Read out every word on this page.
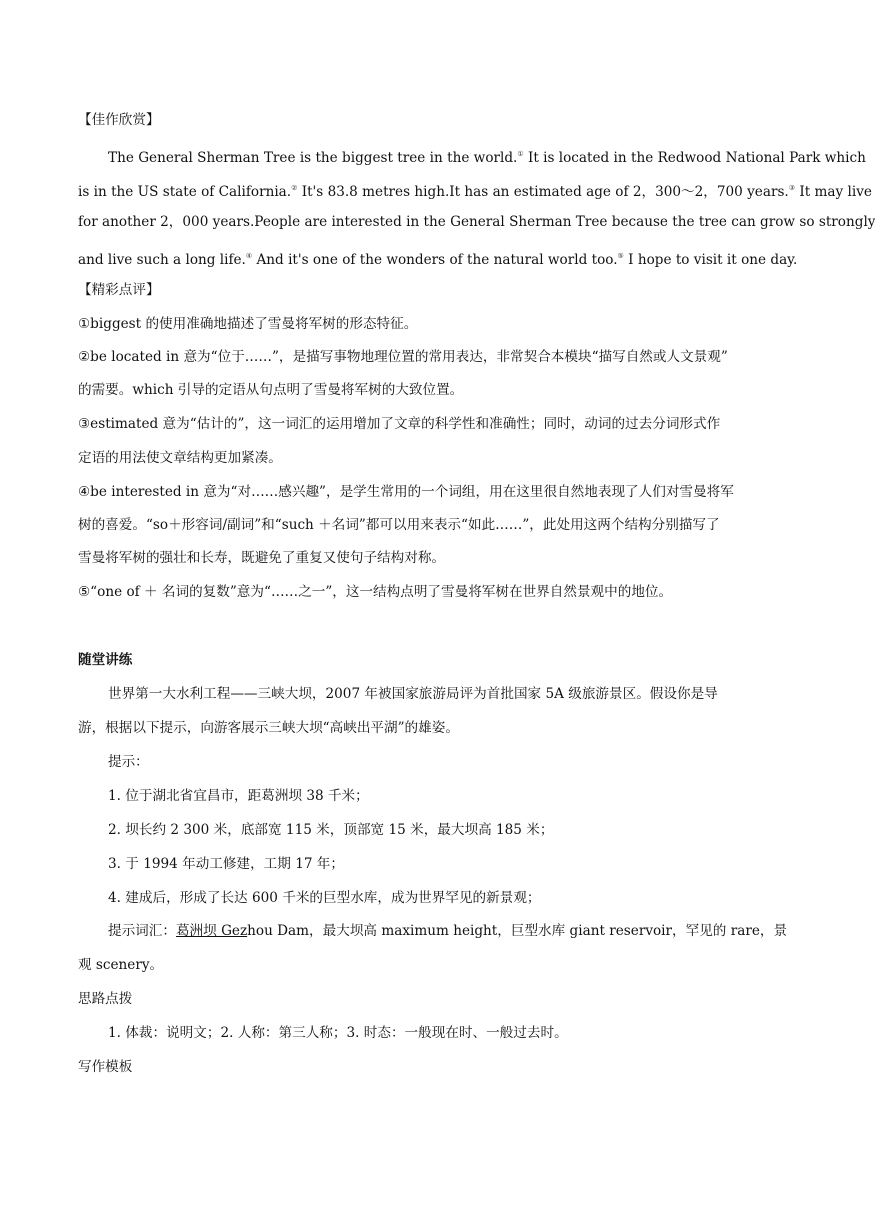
【佳作欣赏】
The General Sherman Tree is the biggest tree in the world.① It is located in the Redwood National Park which
is in the US state of California.② It's 83.8 metres high.It has an estimated age of 2，300～2，700 years.③ It may live
for another 2，000 years.People are interested in the General Sherman Tree because the tree can grow so strongly
and live such a long life.④ And it's one of the wonders of the natural world too.⑤ I hope to visit it one day.
【精彩点评】
①biggest 的使用准确地描述了雪曼将军树的形态特征。
②be located in 意为“位于……”，是描写事物地理位置的常用表达，非常契合本模块“描写自然或人文景观”
的需要。which 引导的定语从句点明了雪曼将军树的大致位置。
③estimated 意为“估计的”，这一词汇的运用增加了文章的科学性和准确性；同时，动词的过去分词形式作
定语的用法使文章结构更加紧凑。
④be interested in 意为“对……感兴趣”，是学生常用的一个词组，用在这里很自然地表现了人们对雪曼将军
树的喜爱。“so＋形容词/副词”和“such ＋名词”都可以用来表示“如此……”，此处用这两个结构分别描写了
雪曼将军树的强壮和长寿，既避免了重复又使句子结构对称。
⑤“one of ＋ 名词的复数”意为“……之一”，这一结构点明了雪曼将军树在世界自然景观中的地位。
随堂讲练
世界第一大水利工程——三峡大坝，2007 年被国家旅游局评为首批国家 5A 级旅游景区。假设你是导
游，根据以下提示，向游客展示三峡大坝“高峡出平湖”的雄姿。
提示：
1. 位于湖北省宜昌市，距葛洲坝 38 千米；
2. 坝长约 2 300 米，底部宽 115 米，顶部宽 15 米，最大坝高 185 米；
3. 于 1994 年动工修建，工期 17 年；
4. 建成后，形成了长达 600 千米的巨型水库，成为世界罕见的新景观；
提示词汇：葛洲坝 Gezhou Dam，最大坝高 maximum height，巨型水库 giant reservoir，罕见的 rare，景
观 scenery。
思路点拨
1. 体裁：说明文；2. 人称：第三人称；3. 时态：一般现在时、一般过去时。
写作模板
